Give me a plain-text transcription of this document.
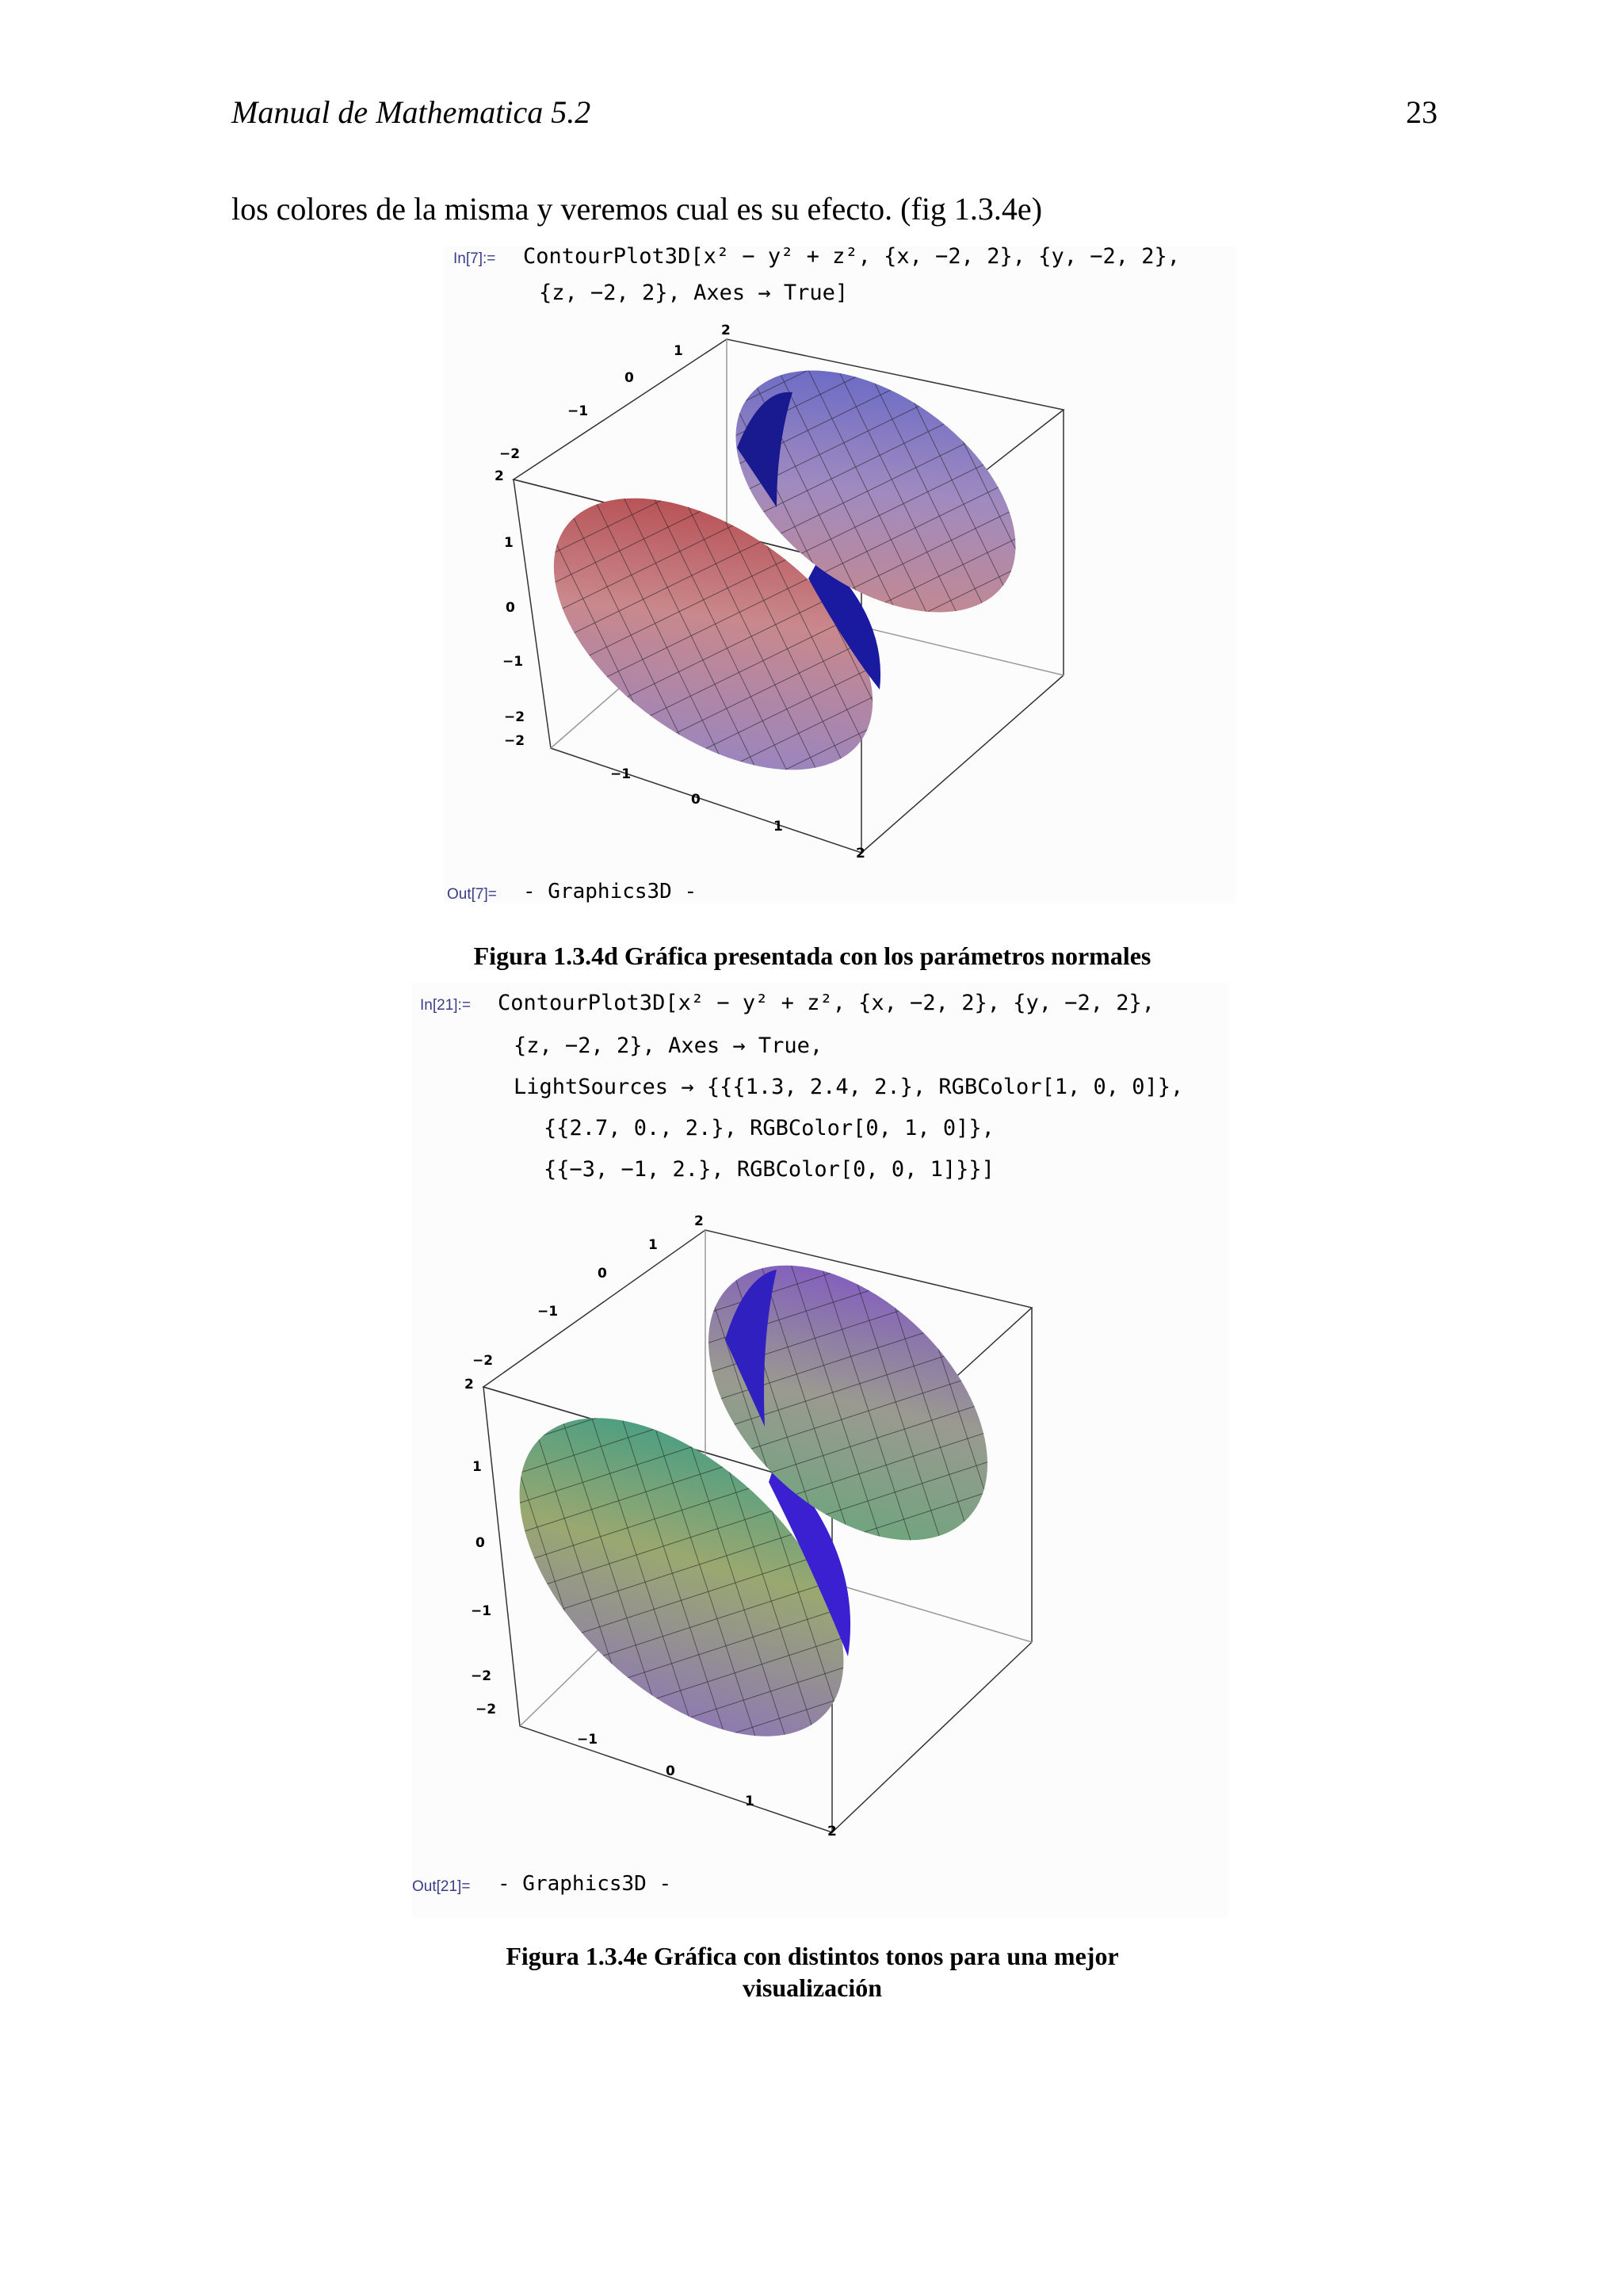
Manual de Mathematica 5.2	23
los colores de la misma y veremos cual es su efecto. (fig 1.3.4e)
In[7]:= ContourPlot3D[x² − y² + z², {x, −2, 2}, {y, −2, 2},
{z, −2, 2}, Axes → True]
2
1
0
−1
−2
2
1
0
−1
−2
−2
−1
0
1
2
Out[7]= - Graphics3D -
Figura 1.3.4d Gráfica presentada con los parámetros normales
In[21]:= ContourPlot3D[x² − y² + z², {x, −2, 2}, {y, −2, 2},
{z, −2, 2}, Axes → True,
LightSources → {{{1.3, 2.4, 2.}, RGBColor[1, 0, 0]},
{{2.7, 0., 2.}, RGBColor[0, 1, 0]},
{{−3, −1, 2.}, RGBColor[0, 0, 1]}}]
2
1
0
−1
−2
2
1
0
−1
−2
−2
−1
0
1
2
Out[21]= - Graphics3D -
Figura 1.3.4e Gráfica con distintos tonos para una mejor
visualización
